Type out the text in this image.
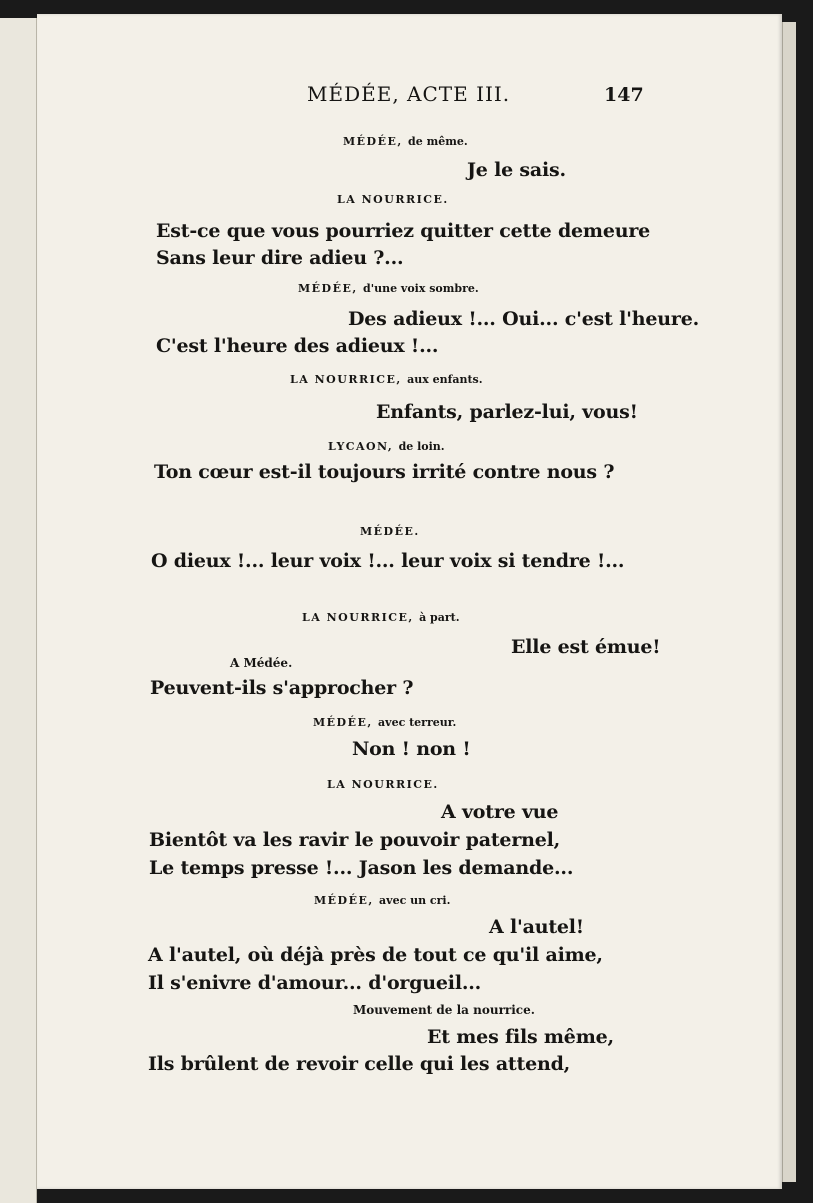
MÉDÉE, ACTE III.	147

MÉDÉE, de même.

Je le sais.

LA NOURRICE.

Est-ce que vous pourriez quitter cette demeure

Sans leur dire adieu ?...

MÉDÉE, d'une voix sombre.

Des adieux !... Oui... c'est l'heure.

C'est l'heure des adieux !...

LA NOURRICE, aux enfants.

Enfants, parlez-lui, vous!

LYCAON, de loin.

Ton cœur est-il toujours irrité contre nous ?

MÉDÉE.

O dieux !... leur voix !... leur voix si tendre !...

LA NOURRICE, à part.

Elle est émue!

A Médée.

Peuvent-ils s'approcher ?

MÉDÉE, avec terreur.

Non ! non !

LA NOURRICE.

A votre vue

Bientôt va les ravir le pouvoir paternel,

Le temps presse !... Jason les demande...

MÉDÉE, avec un cri.

A l'autel!

A l'autel, où déjà près de tout ce qu'il aime,

Il s'enivre d'amour... d'orgueil...

Mouvement de la nourrice.

Et mes fils même,

Ils brûlent de revoir celle qui les attend,
